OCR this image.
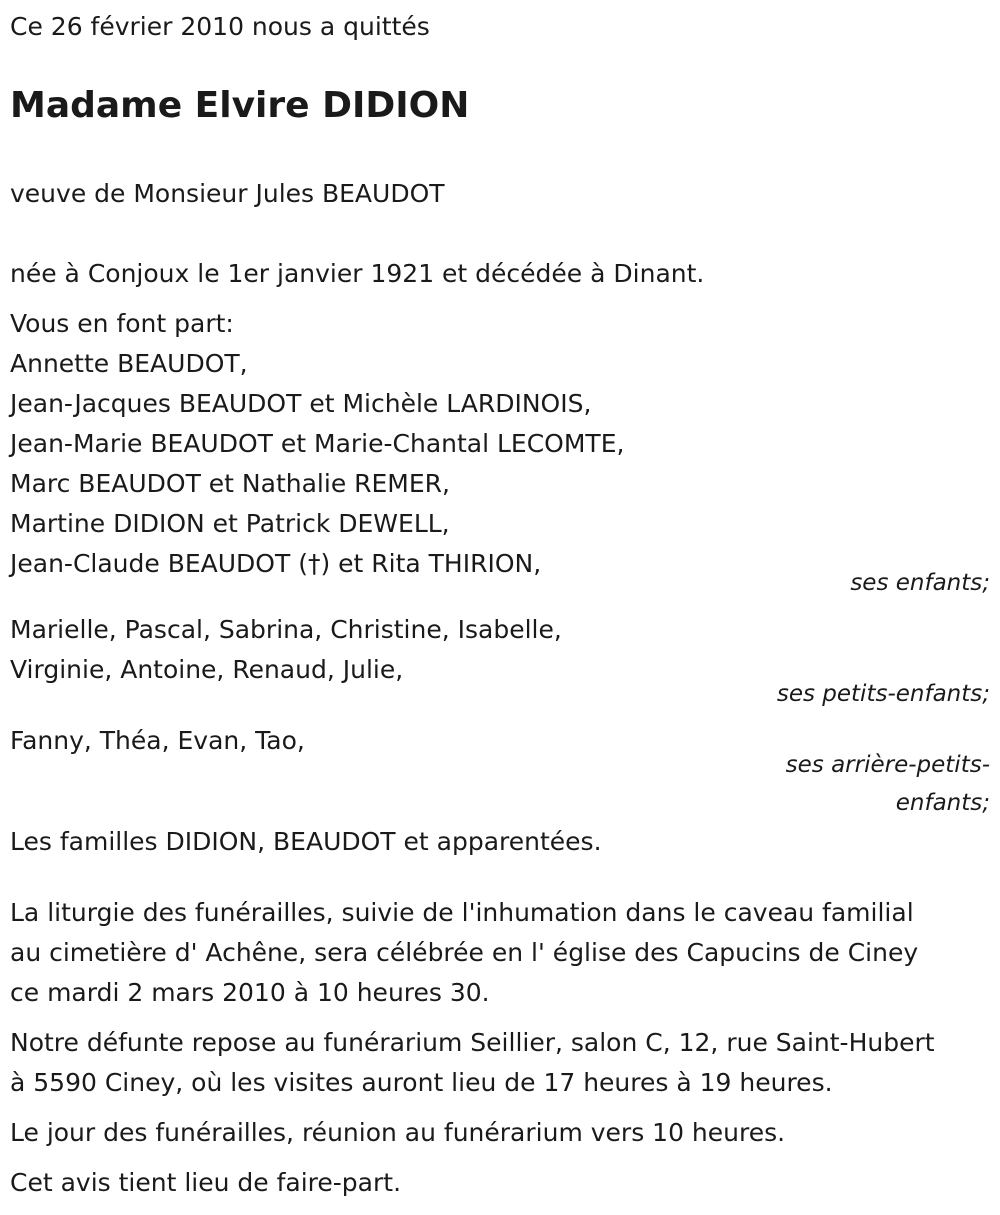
Ce 26 février 2010 nous a quittés
Madame Elvire DIDION
veuve de Monsieur Jules BEAUDOT
née à Conjoux le 1er janvier 1921 et décédée à Dinant.
Vous en font part:
Annette BEAUDOT,
Jean-Jacques BEAUDOT et Michèle LARDINOIS,
Jean-Marie BEAUDOT et Marie-Chantal LECOMTE,
Marc BEAUDOT et Nathalie REMER,
Martine DIDION et Patrick DEWELL,
Jean-Claude BEAUDOT (†) et Rita THIRION,
ses enfants;
Marielle, Pascal, Sabrina, Christine, Isabelle,
Virginie, Antoine, Renaud, Julie,
ses petits-enfants;
Fanny, Théa, Evan, Tao,
ses arrière-petits-
enfants;
Les familles DIDION, BEAUDOT et apparentées.
La liturgie des funérailles, suivie de l'inhumation dans le caveau familial
au cimetière d' Achêne, sera célébrée en l' église des Capucins de Ciney
ce mardi 2 mars 2010 à 10 heures 30.
Notre défunte repose au funérarium Seillier, salon C, 12, rue Saint-Hubert
à 5590 Ciney, où les visites auront lieu de 17 heures à 19 heures.
Le jour des funérailles, réunion au funérarium vers 10 heures.
Cet avis tient lieu de faire-part.
